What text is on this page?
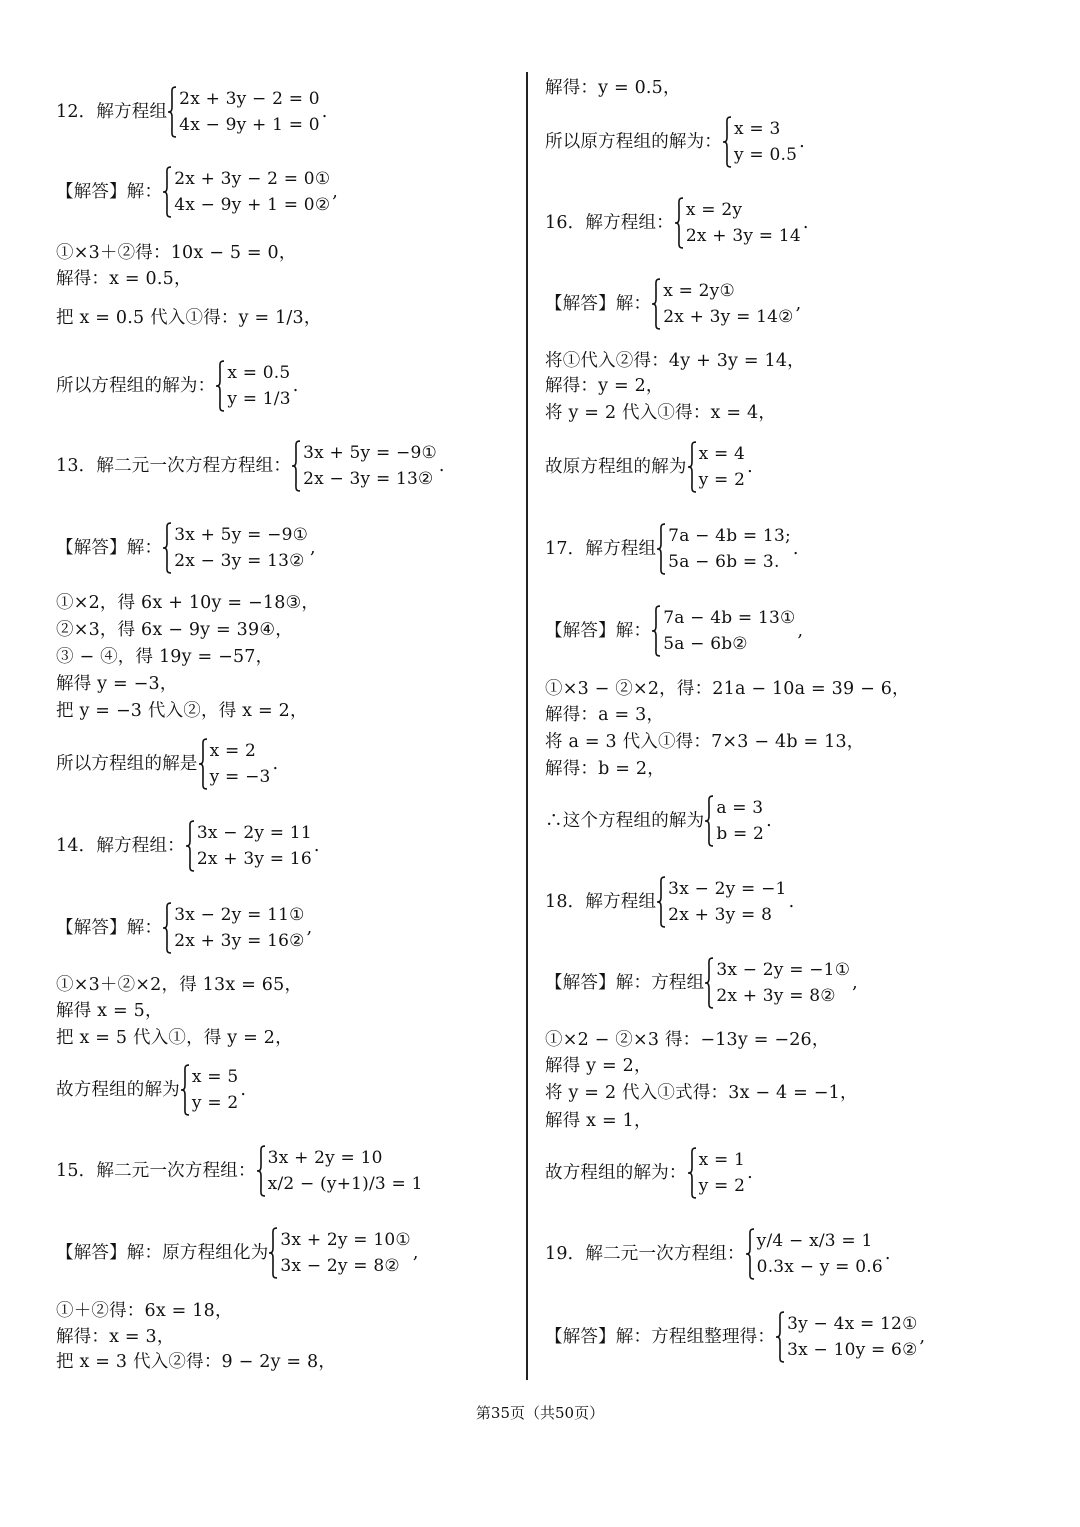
12．解方程组
2x + 3y − 2 = 0
4x − 9y + 1 = 0
.
【解答】解：
2x + 3y − 2 = 0①
4x − 9y + 1 = 0②
,
①×3＋②得：10x − 5 = 0，
解得：x = 0.5，
把 x = 0.5 代入①得：y = 1/3，
所以方程组的解为：
x = 0.5
y = 1/3
.
13．解二元一次方程方程组：
3x + 5y = −9①
2x − 3y = 13②
.
【解答】解：
3x + 5y = −9①
2x − 3y = 13②
,
①×2，得 6x + 10y = −18③，
②×3，得 6x − 9y = 39④，
③ − ④，得 19y = −57，
解得 y = −3，
把 y = −3 代入②，得 x = 2，
所以方程组的解是
x = 2
y = −3
.
14．解方程组：
3x − 2y = 11
2x + 3y = 16
.
【解答】解：
3x − 2y = 11①
2x + 3y = 16②
,
①×3＋②×2，得 13x = 65，
解得 x = 5，
把 x = 5 代入①，得 y = 2，
故方程组的解为
x = 5
y = 2
.
15．解二元一次方程组：
3x + 2y = 10
x/2 − (y+1)/3 = 1
【解答】解：原方程组化为
3x + 2y = 10①
3x − 2y = 8②
,
①＋②得：6x = 18，
解得：x = 3，
把 x = 3 代入②得：9 − 2y = 8，
解得：y = 0.5，
所以原方程组的解为：
x = 3
y = 0.5
.
16．解方程组：
x = 2y
2x + 3y = 14
.
【解答】解：
x = 2y①
2x + 3y = 14②
,
将①代入②得：4y + 3y = 14，
解得：y = 2，
将 y = 2 代入①得：x = 4，
故原方程组的解为
x = 4
y = 2
.
17．解方程组
7a − 4b = 13;
5a − 6b = 3.
.
【解答】解：
7a − 4b = 13①
5a − 6b②
,
①×3 − ②×2，得：21a − 10a = 39 − 6，
解得：a = 3，
将 a = 3 代入①得：7×3 − 4b = 13，
解得：b = 2，
∴这个方程组的解为
a = 3
b = 2
.
18．解方程组
3x − 2y = −1
2x + 3y = 8
.
【解答】解：方程组
3x − 2y = −1①
2x + 3y = 8②
,
①×2 − ②×3 得：−13y = −26，
解得 y = 2，
将 y = 2 代入①式得：3x − 4 = −1，
解得 x = 1，
故方程组的解为：
x = 1
y = 2
.
19．解二元一次方程组：
y/4 − x/3 = 1
0.3x − y = 0.6
.
【解答】解：方程组整理得：
3y − 4x = 12①
3x − 10y = 6②
,
第35页（共50页）
